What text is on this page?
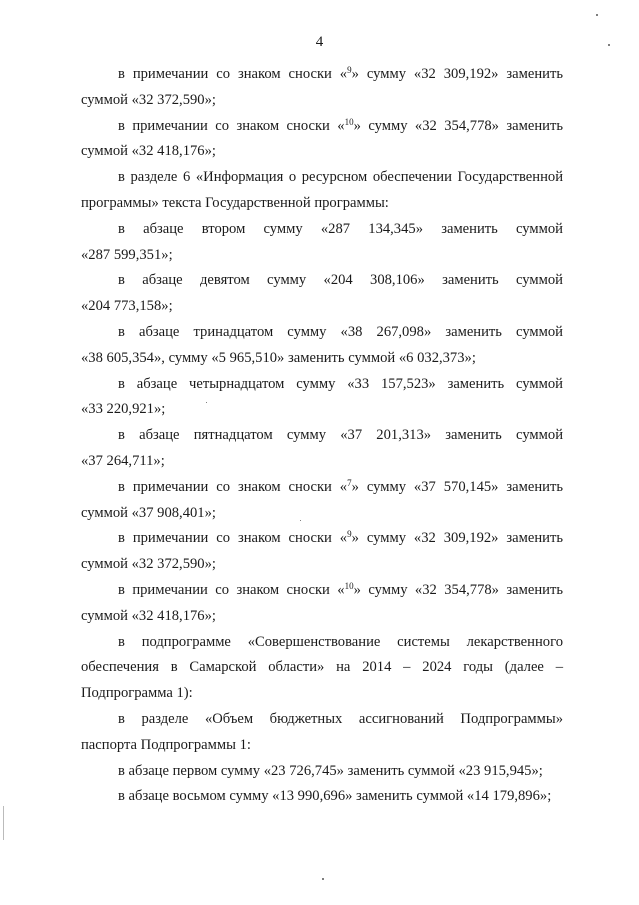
4

в примечании со знаком сноски «$^9$» сумму «32 309,192» заменить
суммой «32 372,590»;

в примечании со знаком сноски «$^{10}$» сумму «32 354,778» заменить
суммой «32 418,176»;

в разделе 6 «Информация о ресурсном обеспечении Государственной
программы» текста Государственной программы:

в абзаце втором сумму «287 134,345» заменить суммой
«287 599,351»;

в абзаце девятом сумму «204 308,106» заменить суммой
«204 773,158»;

в абзаце тринадцатом сумму «38 267,098» заменить суммой
«38 605,354», сумму «5 965,510» заменить суммой «6 032,373»;

в абзаце четырнадцатом сумму «33 157,523» заменить суммой
«33 220,921»;

в абзаце пятнадцатом сумму «37 201,313» заменить суммой
«37 264,711»;

в примечании со знаком сноски «$^7$» сумму «37 570,145» заменить
суммой «37 908,401»;

в примечании со знаком сноски «$^9$» сумму «32 309,192» заменить
суммой «32 372,590»;

в примечании со знаком сноски «$^{10}$» сумму «32 354,778» заменить
суммой «32 418,176»;

в подпрограмме «Совершенствование системы лекарственного
обеспечения в Самарской области» на 2014 – 2024 годы (далее –
Подпрограмма 1):

в разделе «Объем бюджетных ассигнований Подпрограммы»
паспорта Подпрограммы 1:

в абзаце первом сумму «23 726,745» заменить суммой «23 915,945»;

в абзаце восьмом сумму «13 990,696» заменить суммой «14 179,896»;
